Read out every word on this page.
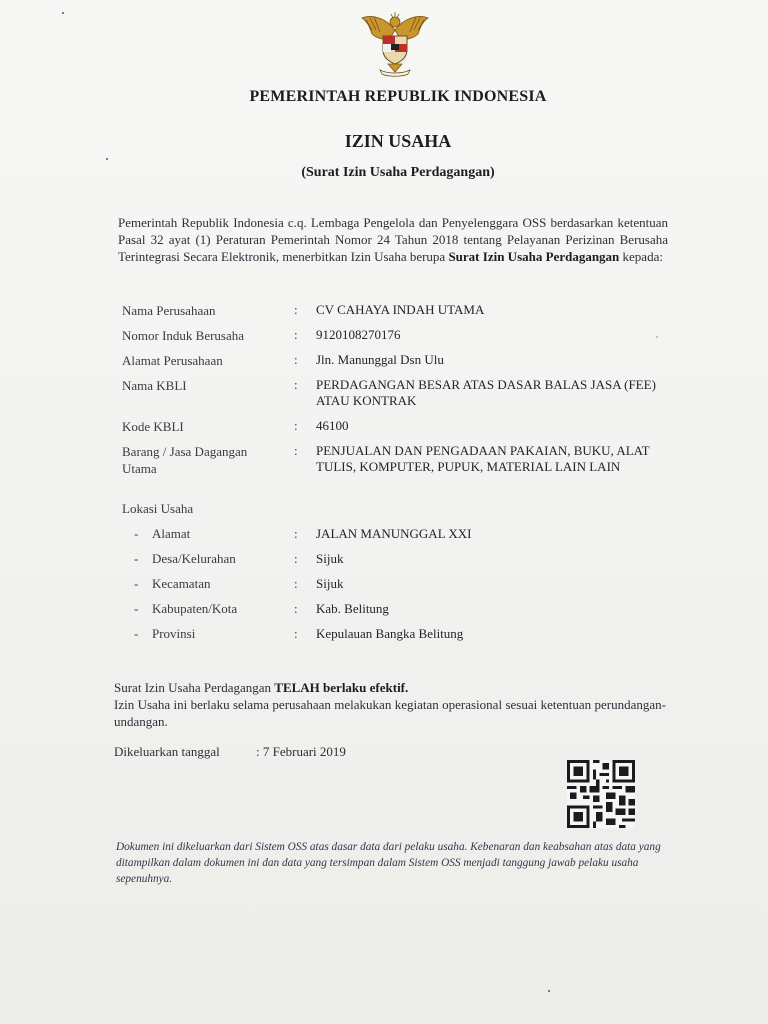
PEMERINTAH REPUBLIK INDONESIA
IZIN USAHA
(Surat Izin Usaha Perdagangan)
Pemerintah Republik Indonesia c.q. Lembaga Pengelola dan Penyelenggara OSS berdasarkan ketentuan Pasal 32 ayat (1) Peraturan Pemerintah Nomor 24 Tahun 2018 tentang Pelayanan Perizinan Berusaha Terintegrasi Secara Elektronik, menerbitkan Izin Usaha berupa Surat Izin Usaha Perdagangan kepada:
Nama Perusahaan	: CV CAHAYA INDAH UTAMA
Nomor Induk Berusaha	: 9120108270176
Alamat Perusahaan	: Jln. Manunggal Dsn Ulu
Nama KBLI	: PERDAGANGAN BESAR ATAS DASAR BALAS JASA (FEE) ATAU KONTRAK
Kode KBLI	: 46100
Barang / Jasa Dagangan Utama
: PENJUALAN DAN PENGADAAN PAKAIAN, BUKU, ALAT TULIS, KOMPUTER, PUPUK, MATERIAL LAIN LAIN
Lokasi Usaha
- Alamat	: JALAN MANUNGGAL XXI
- Desa/Kelurahan	: Sijuk
- Kecamatan	: Sijuk
- Kabupaten/Kota	: Kab. Belitung
- Provinsi	: Kepulauan Bangka Belitung
Surat Izin Usaha Perdagangan TELAH berlaku efektif.
Izin Usaha ini berlaku selama perusahaan melakukan kegiatan operasional sesuai ketentuan perundangan-undangan.
Dikeluarkan tanggal	: 7 Februari 2019
Dokumen ini dikeluarkan dari Sistem OSS atas dasar data dari pelaku usaha. Kebenaran dan keabsahan atas data yang ditampilkan dalam dokumen ini dan data yang tersimpan dalam Sistem OSS menjadi tanggung jawab pelaku usaha sepenuhnya.
